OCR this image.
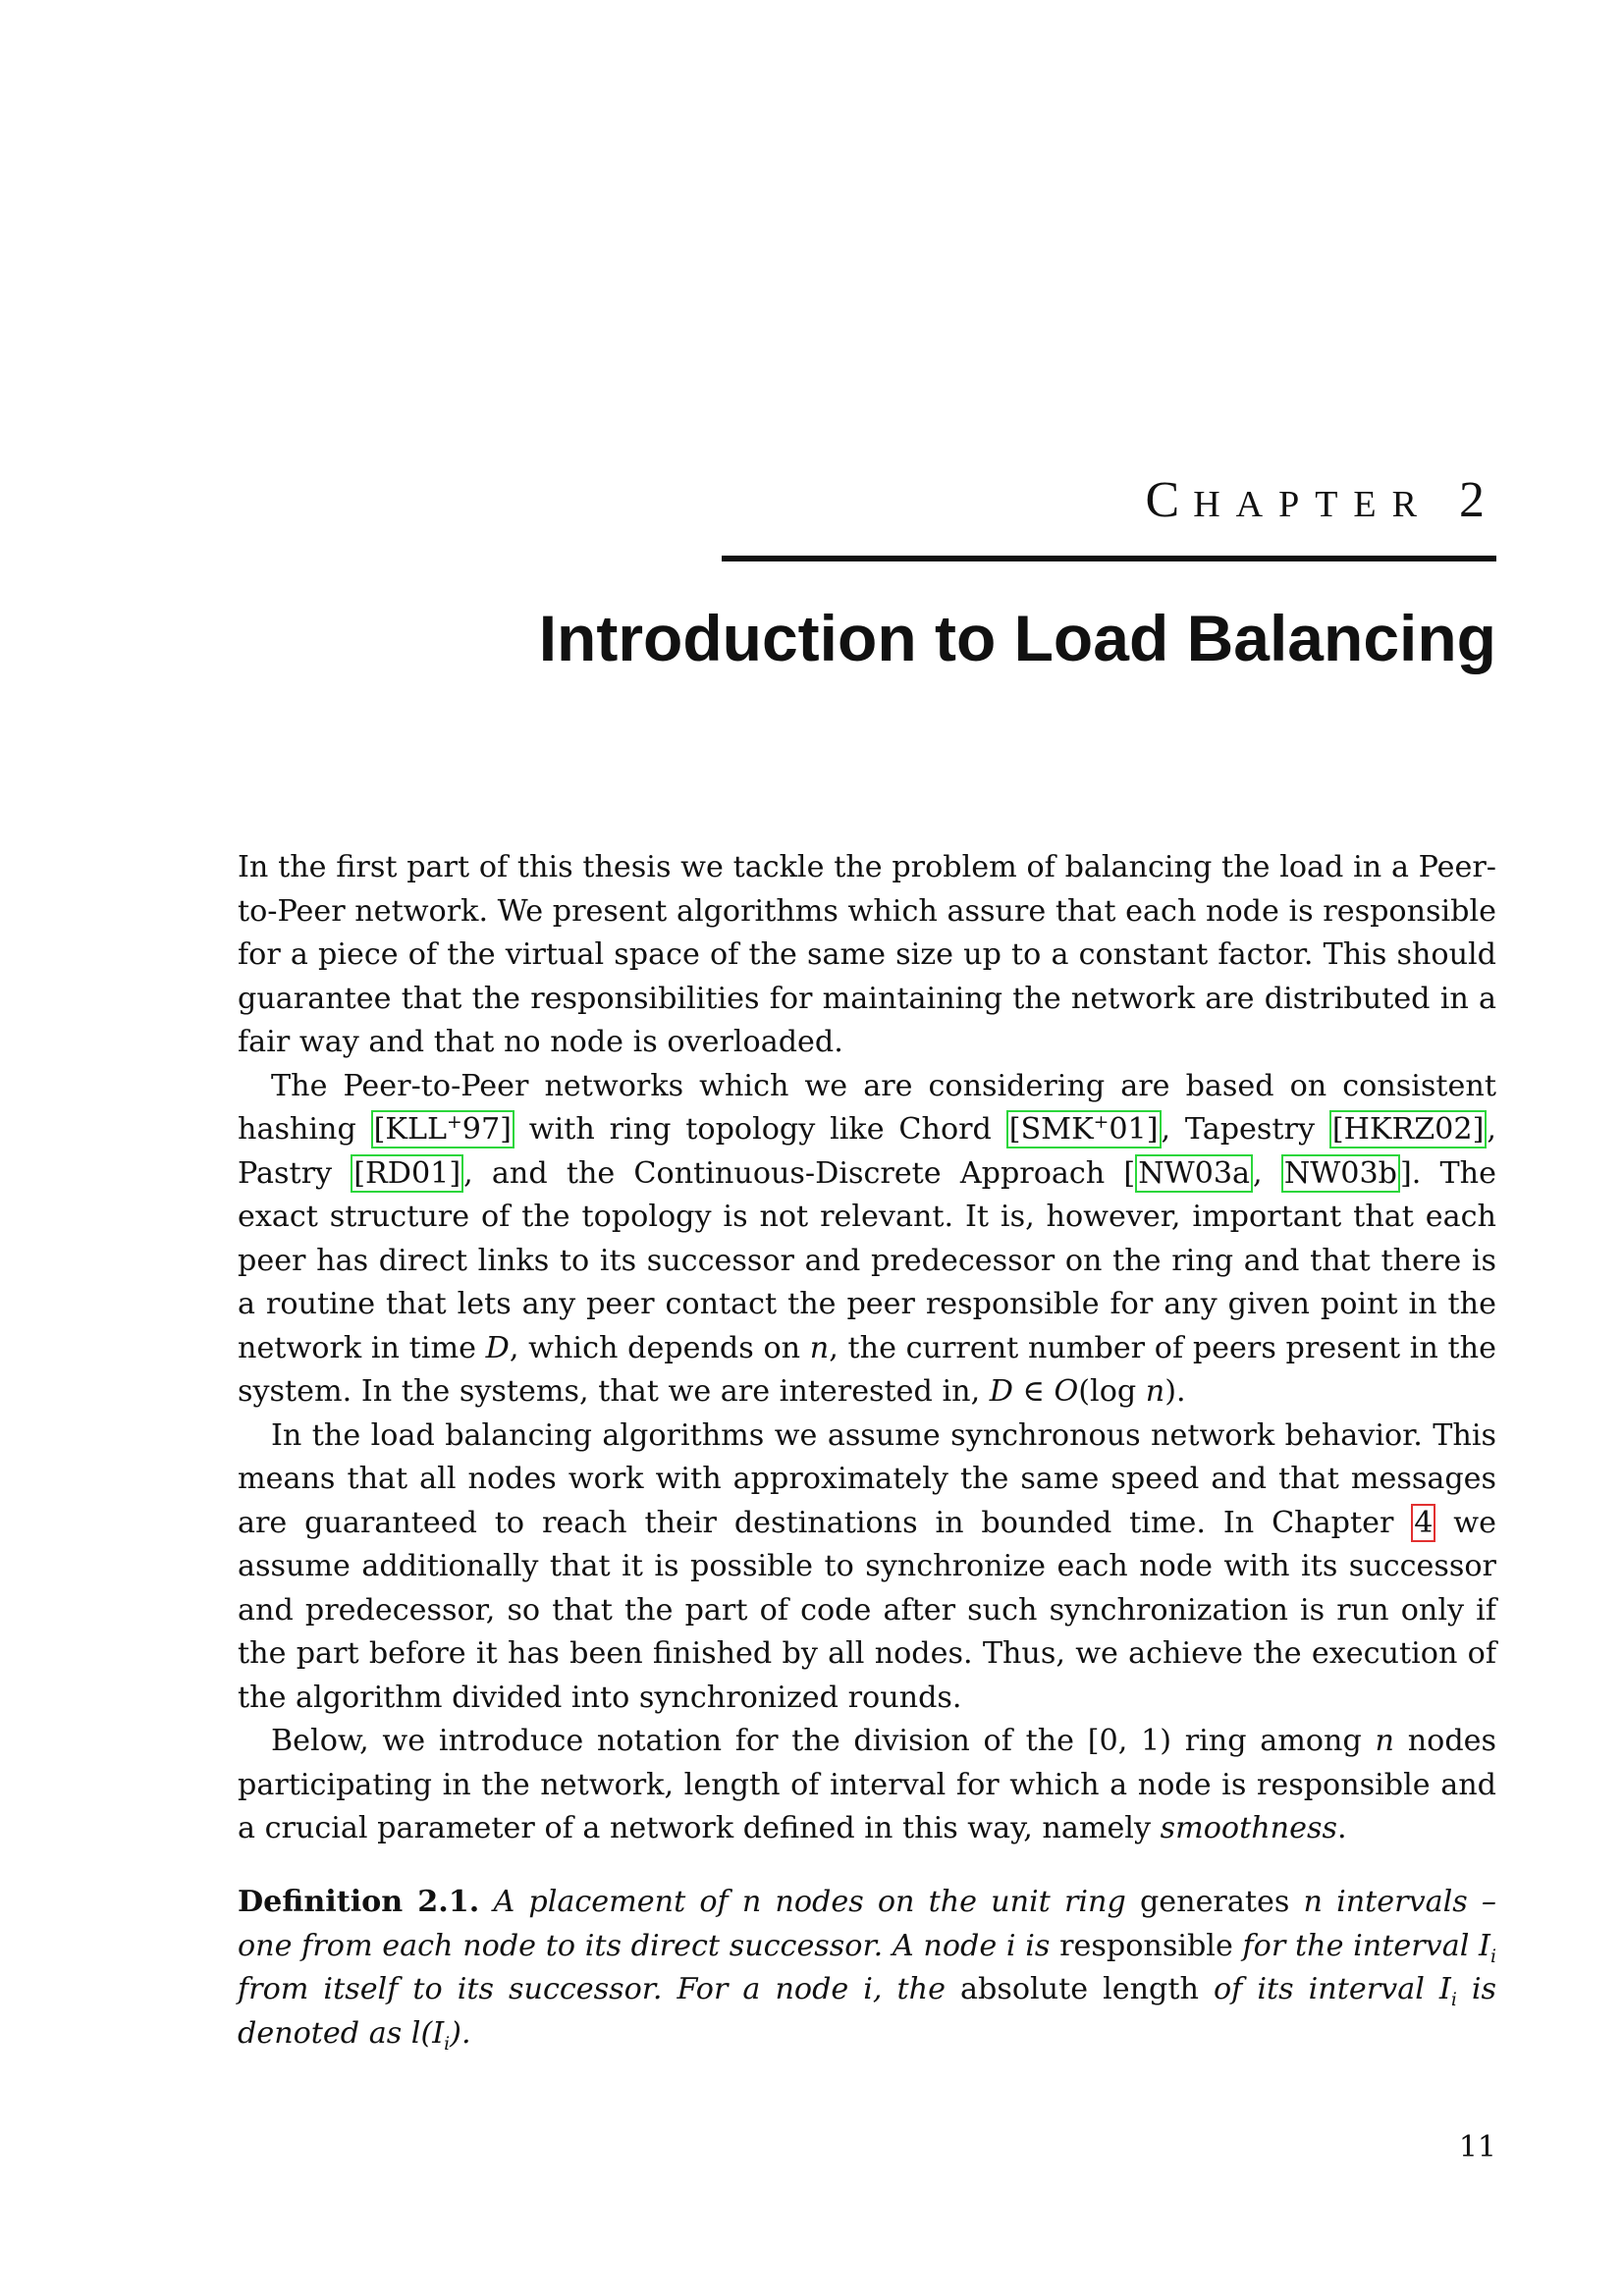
CHAPTER 2
Introduction to Load Balancing

In the first part of this thesis we tackle the problem of balancing the load in a Peer-to-Peer network. We present algorithms which assure that each node is responsible for a piece of the virtual space of the same size up to a constant factor. This should guarantee that the responsibilities for maintaining the network are distributed in a fair way and that no node is overloaded.

The Peer-to-Peer networks which we are considering are based on consistent hashing [KLL+97] with ring topology like Chord [SMK+01], Tapestry [HKRZ02], Pastry [RD01], and the Continuous-Discrete Approach [NW03a, NW03b]. The exact structure of the topology is not relevant. It is, however, important that each peer has direct links to its successor and predecessor on the ring and that there is a routine that lets any peer contact the peer responsible for any given point in the network in time D, which depends on n, the current number of peers present in the system. In the systems, that we are interested in, D ∈ O(log n).

In the load balancing algorithms we assume synchronous network behavior. This means that all nodes work with approximately the same speed and that messages are guaranteed to reach their destinations in bounded time. In Chapter 4 we assume additionally that it is possible to synchronize each node with its successor and predecessor, so that the part of code after such synchronization is run only if the part before it has been finished by all nodes. Thus, we achieve the execution of the algorithm divided into synchronized rounds.

Below, we introduce notation for the division of the [0, 1) ring among n nodes participating in the network, length of interval for which a node is responsible and a crucial parameter of a network defined in this way, namely smoothness.

Definition 2.1. A placement of n nodes on the unit ring generates n intervals – one from each node to its direct successor. A node i is responsible for the interval $I_i$ from itself to its successor. For a node i, the absolute length of its interval $I_i$ is denoted as $l(I_i)$.
11
